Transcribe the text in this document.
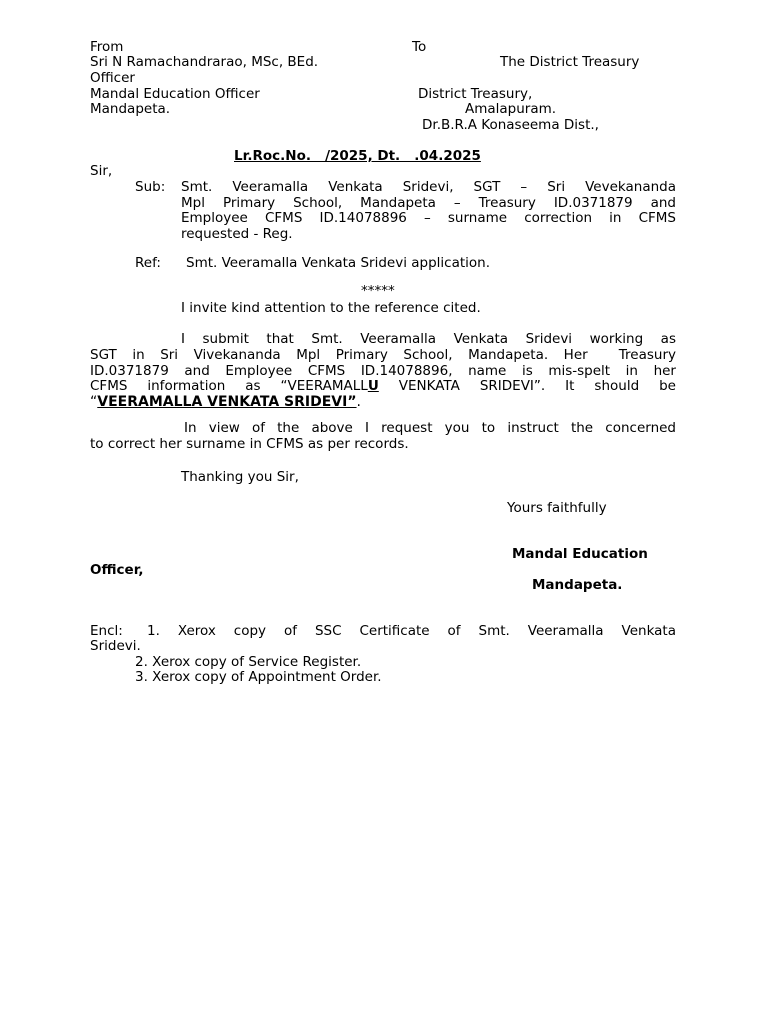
From	To
Sri N Ramachandrarao, MSc, BEd.	The District Treasury
Officer
Mandal Education Officer	District Treasury,
Mandapeta.	Amalapuram.
Dr.B.R.A Konaseema Dist.,
Lr.Roc.No.   /2025, Dt.   .04.2025
Sir,
Sub: Smt. Veeramalla Venkata Sridevi, SGT – Sri Vevekananda
Mpl Primary School, Mandapeta – Treasury ID.0371879 and
Employee CFMS ID.14078896 – surname correction in CFMS
requested - Reg.
Ref: Smt. Veeramalla Venkata Sridevi application.
*****
I invite kind attention to the reference cited.
I submit that Smt. Veeramalla Venkata Sridevi working as
SGT in Sri Vivekananda Mpl Primary School, Mandapeta. Her  Treasury
ID.0371879 and Employee CFMS ID.14078896, name is mis-spelt in her
CFMS information as “VEERAMALLU VENKATA SRIDEVI”. It should be
“VEERAMALLA VENKATA SRIDEVI”.
In view of the above I request you to instruct the concerned
to correct her surname in CFMS as per records.
Thanking you Sir,
Yours faithfully
Mandal Education
Officer,
Mandapeta.
Encl: 1. Xerox copy of SSC Certificate of Smt. Veeramalla Venkata
Sridevi.
2. Xerox copy of Service Register.
3. Xerox copy of Appointment Order.
